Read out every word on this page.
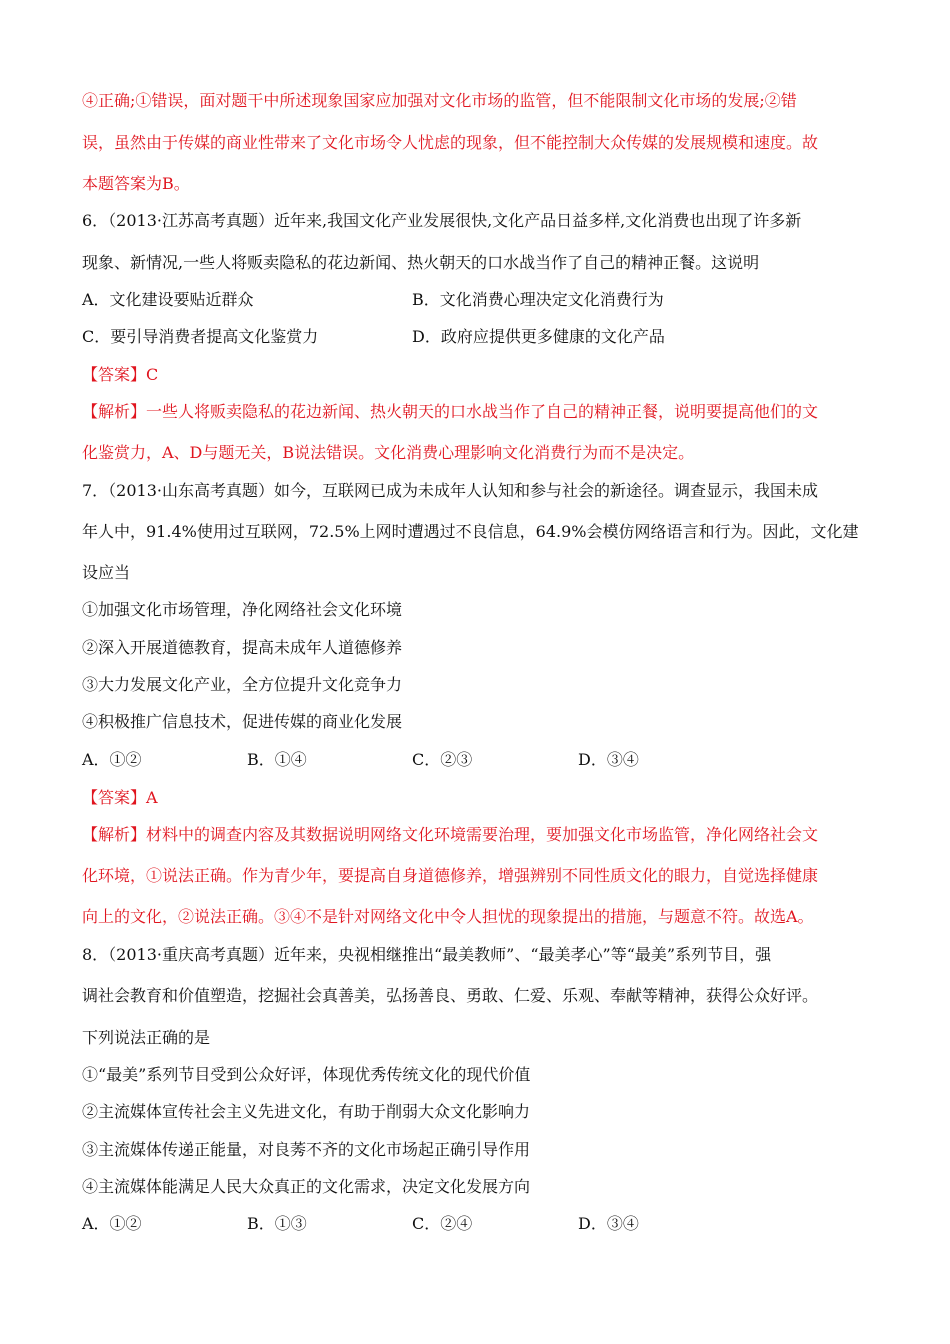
④正确;①错误，面对题干中所述现象国家应加强对文化市场的监管，但不能限制文化市场的发展;②错
误，虽然由于传媒的商业性带来了文化市场令人忧虑的现象，但不能控制大众传媒的发展规模和速度。故
本题答案为B。
6．（2013·江苏高考真题）近年来,我国文化产业发展很快,文化产品日益多样,文化消费也出现了许多新
现象、新情况,一些人将贩卖隐私的花边新闻、热火朝天的口水战当作了自己的精神正餐。这说明
A．文化建设要贴近群众	B．文化消费心理决定文化消费行为
C．要引导消费者提高文化鉴赏力	D．政府应提供更多健康的文化产品
【答案】C
【解析】一些人将贩卖隐私的花边新闻、热火朝天的口水战当作了自己的精神正餐，说明要提高他们的文
化鉴赏力，A、D与题无关，B说法错误。文化消费心理影响文化消费行为而不是决定。
7．（2013·山东高考真题）如今，互联网已成为未成年人认知和参与社会的新途径。调查显示，我国未成
年人中，91.4%使用过互联网，72.5%上网时遭遇过不良信息，64.9%会模仿网络语言和行为。因此，文化建
设应当
①加强文化市场管理，净化网络社会文化环境
②深入开展道德教育，提高未成年人道德修养
③大力发展文化产业，全方位提升文化竞争力
④积极推广信息技术，促进传媒的商业化发展
A．①②	B．①④	C．②③	D．③④
【答案】A
【解析】材料中的调查内容及其数据说明网络文化环境需要治理，要加强文化市场监管，净化网络社会文
化环境，①说法正确。作为青少年，要提高自身道德修养，增强辨别不同性质文化的眼力，自觉选择健康
向上的文化，②说法正确。③④不是针对网络文化中令人担忧的现象提出的措施，与题意不符。故选A。
8．（2013·重庆高考真题）近年来，央视相继推出“最美教师”、“最美孝心”等“最美”系列节目，强
调社会教育和价值塑造，挖掘社会真善美，弘扬善良、勇敢、仁爱、乐观、奉献等精神，获得公众好评。
下列说法正确的是
①“最美”系列节目受到公众好评，体现优秀传统文化的现代价值
②主流媒体宣传社会主义先进文化，有助于削弱大众文化影响力
③主流媒体传递正能量，对良莠不齐的文化市场起正确引导作用
④主流媒体能满足人民大众真正的文化需求，决定文化发展方向
A．①②	B．①③	C．②④	D．③④
